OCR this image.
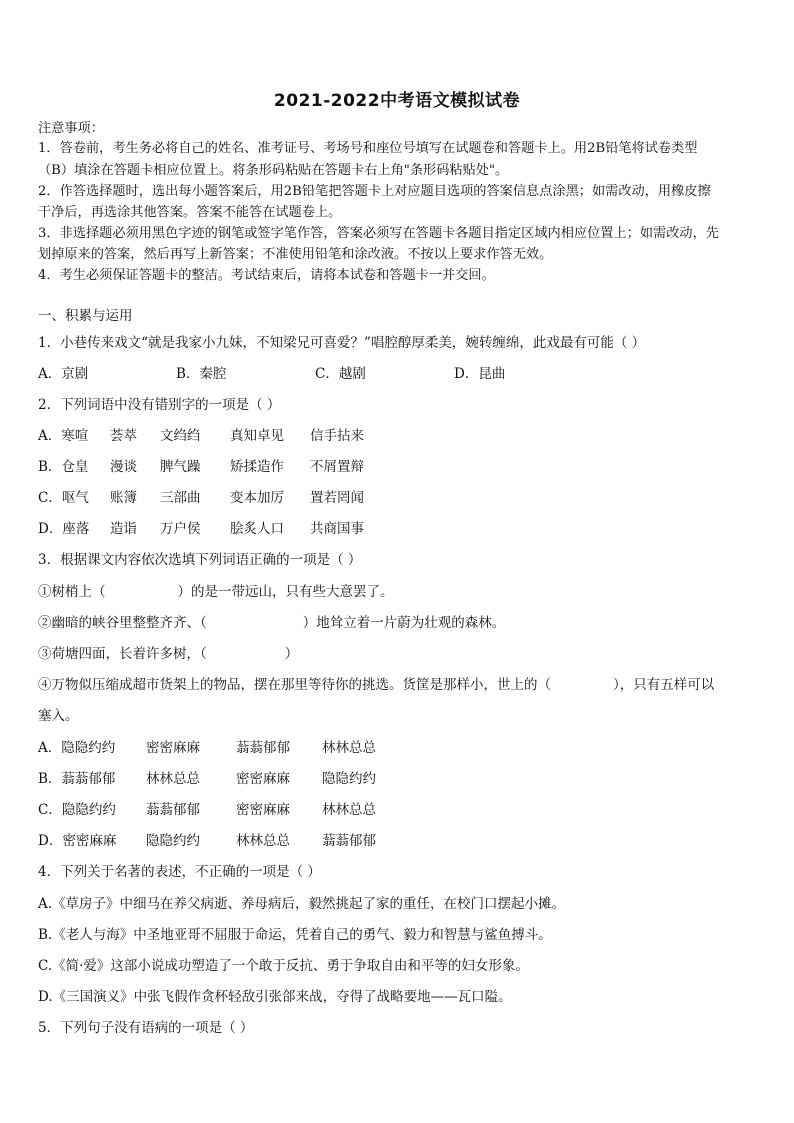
2021-2022中考语文模拟试卷
注意事项：
1．答卷前，考生务必将自己的姓名、准考证号、考场号和座位号填写在试题卷和答题卡上。用2B铅笔将试卷类型
（B）填涂在答题卡相应位置上。将条形码粘贴在答题卡右上角"条形码粘贴处"。
2．作答选择题时，选出每小题答案后，用2B铅笔把答题卡上对应题目选项的答案信息点涂黑；如需改动，用橡皮擦
干净后，再选涂其他答案。答案不能答在试题卷上。
3．非选择题必须用黑色字迹的钢笔或签字笔作答，答案必须写在答题卡各题目指定区域内相应位置上；如需改动，先
划掉原来的答案，然后再写上新答案；不准使用铅笔和涂改液。不按以上要求作答无效。
4．考生必须保证答题卡的整洁。考试结束后，请将本试卷和答题卡一并交回。
一、积累与运用
1．小巷传来戏文“就是我家小九妹，不知梁兄可喜爱？”唱腔醇厚柔美，婉转缠绵，此戏最有可能（ ）
A．京剧	B．秦腔	C．越剧	D．昆曲
2．下列词语中没有错别字的一项是（ ）
A．寒喧 荟萃 文绉绉 真知卓见 信手拈来
B．仓皇 漫谈 脾气躁 矫揉造作 不屑置辩
C．呕气 账簿 三部曲 变本加厉 置若罔闻
D．座落 造诣 万户侯 脍炙人口 共商国事
3．根据课文内容依次选填下列词语正确的一项是（ ）
①树梢上（	）的是一带远山，只有些大意罢了。
②幽暗的峡谷里整整齐齐、（	）地耸立着一片蔚为壮观的森林。
③荷塘四面，长着许多树，（	）
④万物似压缩成超市货架上的物品，摆在那里等待你的挑选。货筐是那样小，世上的（	），只有五样可以
塞入。
A．隐隐约约 密密麻麻	蓊蓊郁郁 林林总总
B．蓊蓊郁郁 林林总总	密密麻麻 隐隐约约
C．隐隐约约 蓊蓊郁郁	密密麻麻 林林总总
D．密密麻麻 隐隐约约	林林总总 蓊蓊郁郁
4．下列关于名著的表述，不正确的一项是（ ）
A.《草房子》中细马在养父病逝、养母病后，毅然挑起了家的重任，在校门口摆起小摊。
B.《老人与海》中圣地亚哥不屈服于命运，凭着自己的勇气、毅力和智慧与鲨鱼搏斗。
C.《简·爱》这部小说成功塑造了一个敢于反抗、勇于争取自由和平等的妇女形象。
D.《三国演义》中张飞假作贪杯轻敌引张郃来战，夺得了战略要地——瓦口隘。
5．下列句子没有语病的一项是（ ）
